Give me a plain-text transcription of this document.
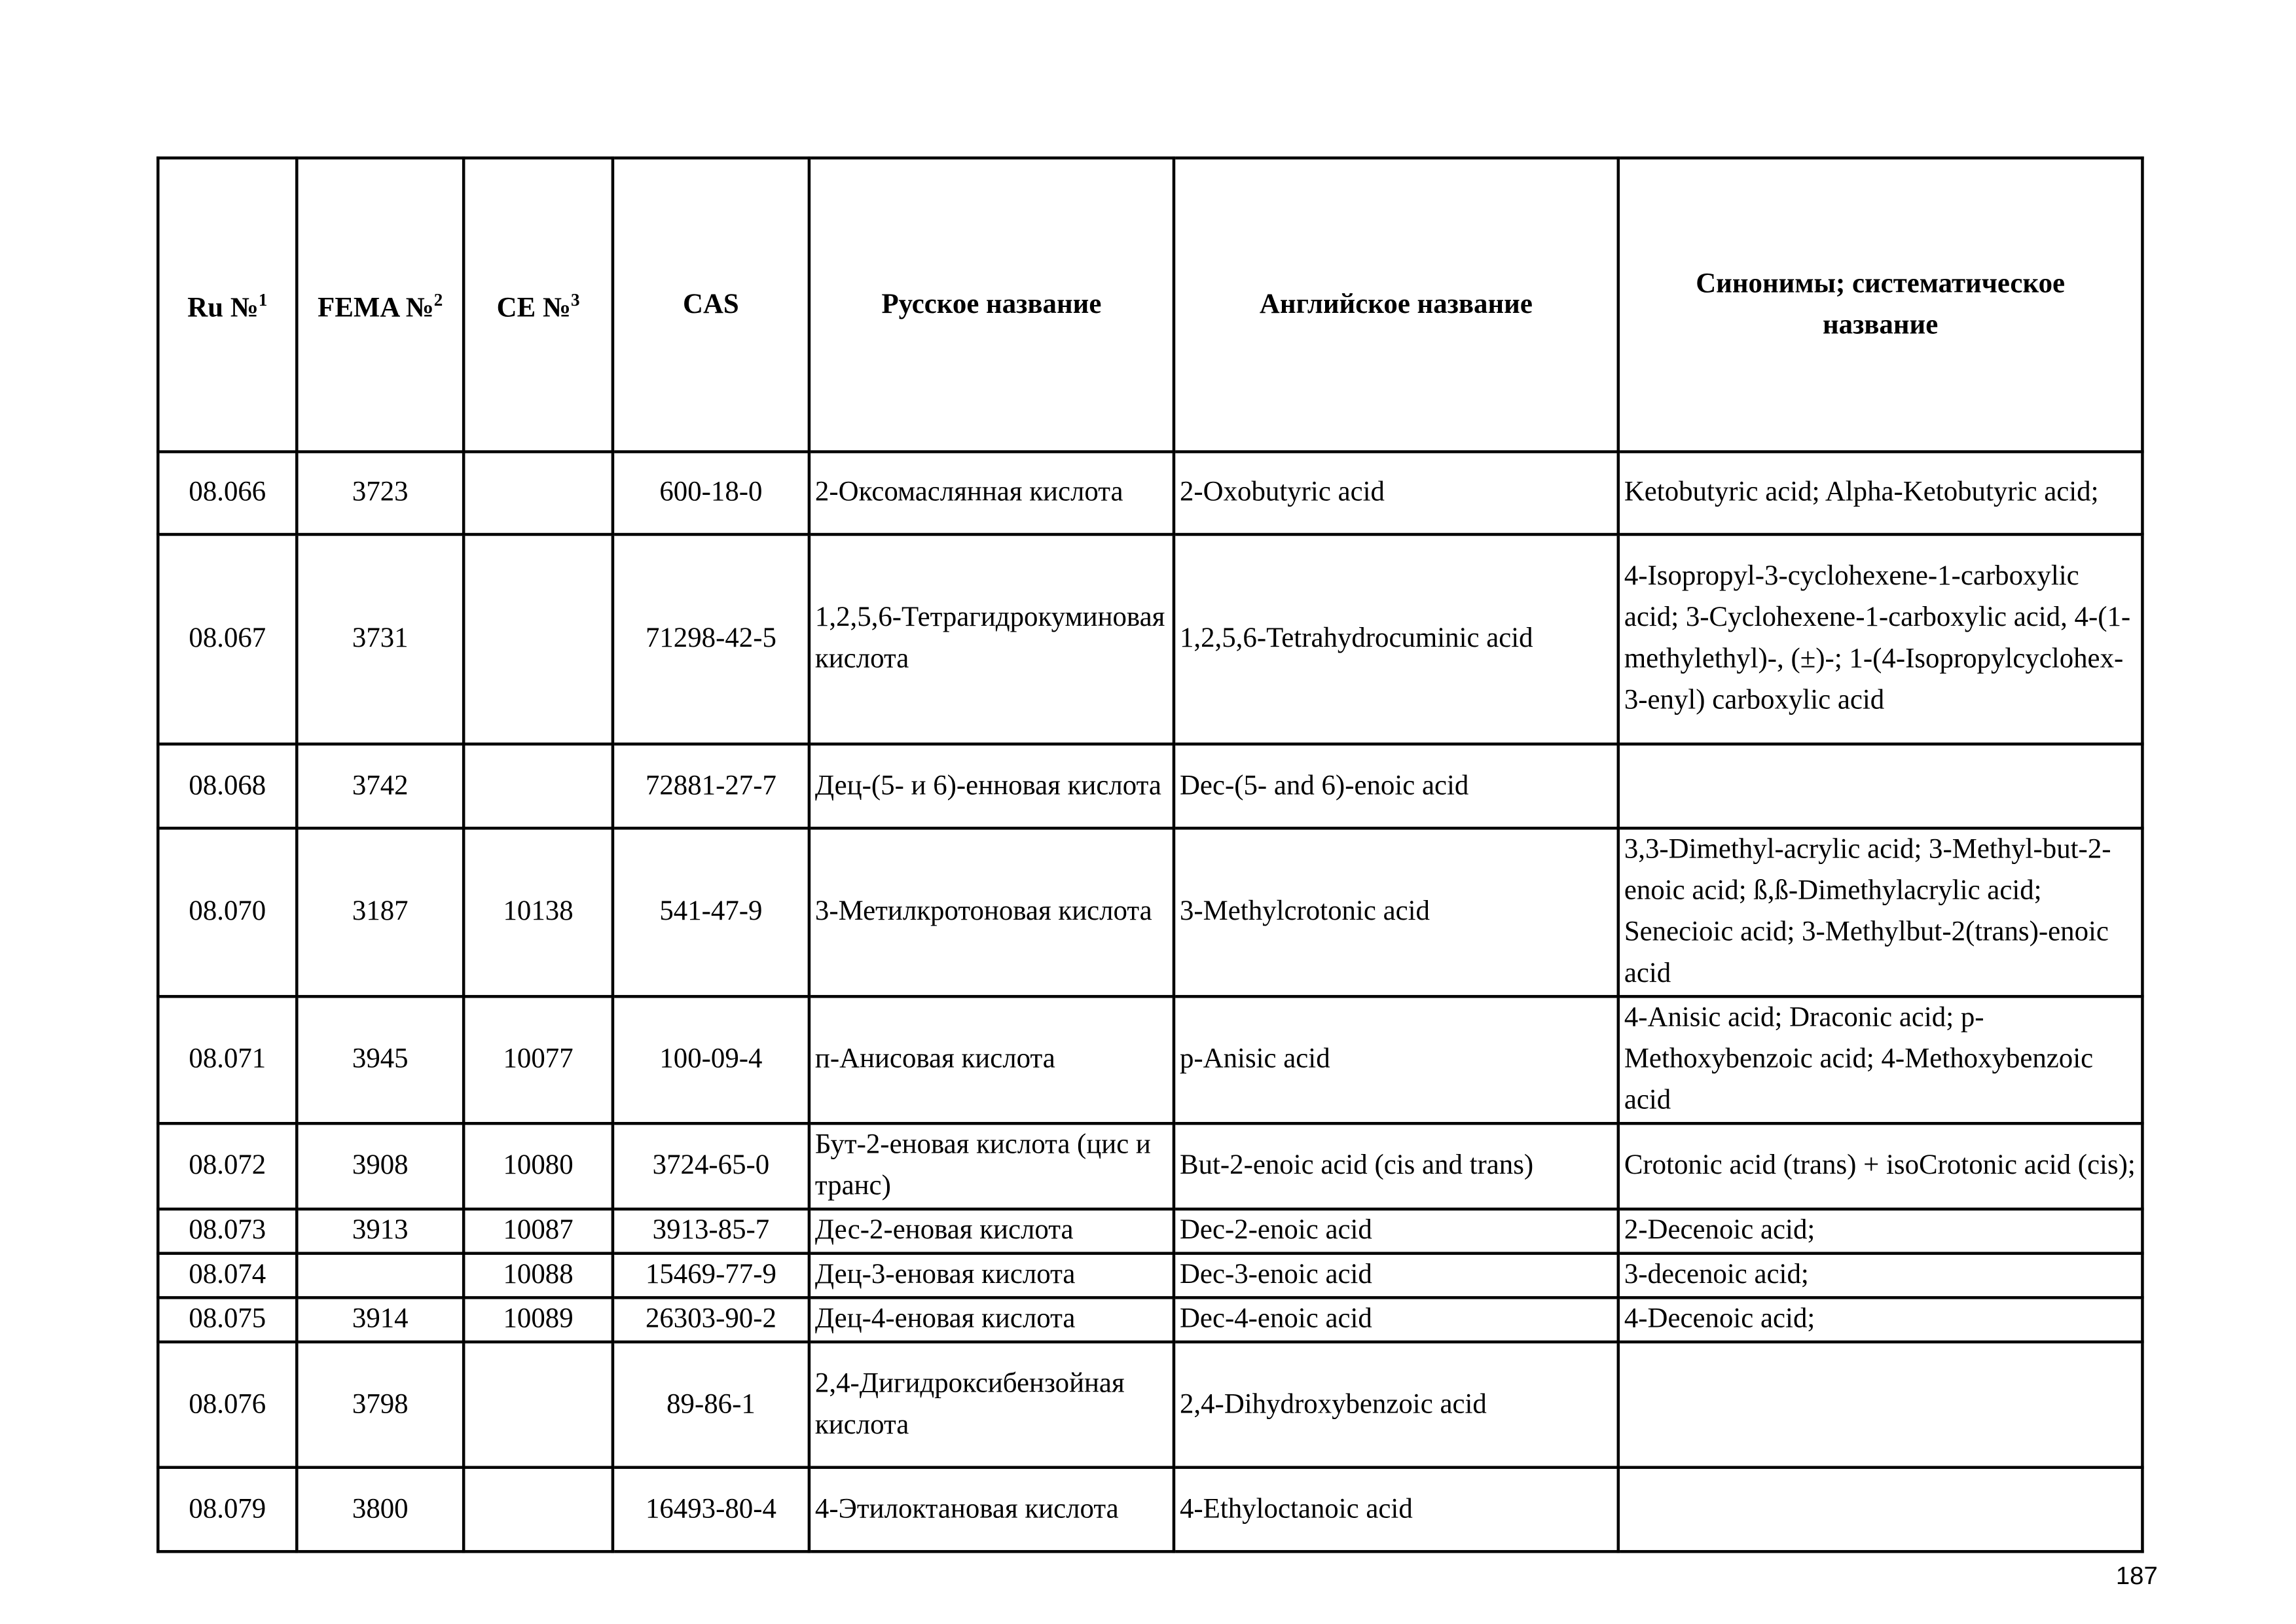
Ru №$^1$	FEMA №$^2$	CE №$^3$	CAS	Русское название	Английское название	Синонимы; систематическое название
08.066	3723		600-18-0	2-Оксомаслянная кислота	2-Oxobutyric acid	Ketobutyric acid; Alpha-Ketobutyric acid;
08.067	3731		71298-42-5	1,2,5,6-Тетрагидрокуминовая кислота	1,2,5,6-Tetrahydrocuminic acid	4-Isopropyl-3-cyclohexene-1-carboxylic acid; 3-Cyclohexene-1-carboxylic acid, 4-(1-methylethyl)-, (±)-; 1-(4-Isopropylcyclohex-3-enyl) carboxylic acid
08.068	3742		72881-27-7	Дец-(5- и 6)-енновая кислота	Dec-(5- and 6)-enoic acid	
08.070	3187	10138	541-47-9	3-Метилкротоновая кислота	3-Methylcrotonic acid	3,3-Dimethyl-acrylic acid; 3-Methyl-but-2-enoic acid; ß,ß-Dimethylacrylic acid; Senecioic acid; 3-Methylbut-2(trans)-enoic acid
08.071	3945	10077	100-09-4	п-Анисовая кислота	p-Anisic acid	4-Anisic acid; Draconic acid; p-Methoxybenzoic acid; 4-Methoxybenzoic acid
08.072	3908	10080	3724-65-0	Бут-2-еновая кислота (цис и транс)	But-2-enoic acid (cis and trans)	Crotonic acid (trans) + isoCrotonic acid (cis);
08.073	3913	10087	3913-85-7	Дес-2-еновая кислота	Dec-2-enoic acid	2-Decenoic acid;
08.074		10088	15469-77-9	Дец-3-еновая кислота	Dec-3-enoic acid	3-decenoic acid;
08.075	3914	10089	26303-90-2	Дец-4-еновая кислота	Dec-4-enoic acid	4-Decenoic acid;
08.076	3798		89-86-1	2,4-Дигидроксибензойная кислота	2,4-Dihydroxybenzoic acid	
08.079	3800		16493-80-4	4-Этилоктановая кислота	4-Ethyloctanoic acid	
187
